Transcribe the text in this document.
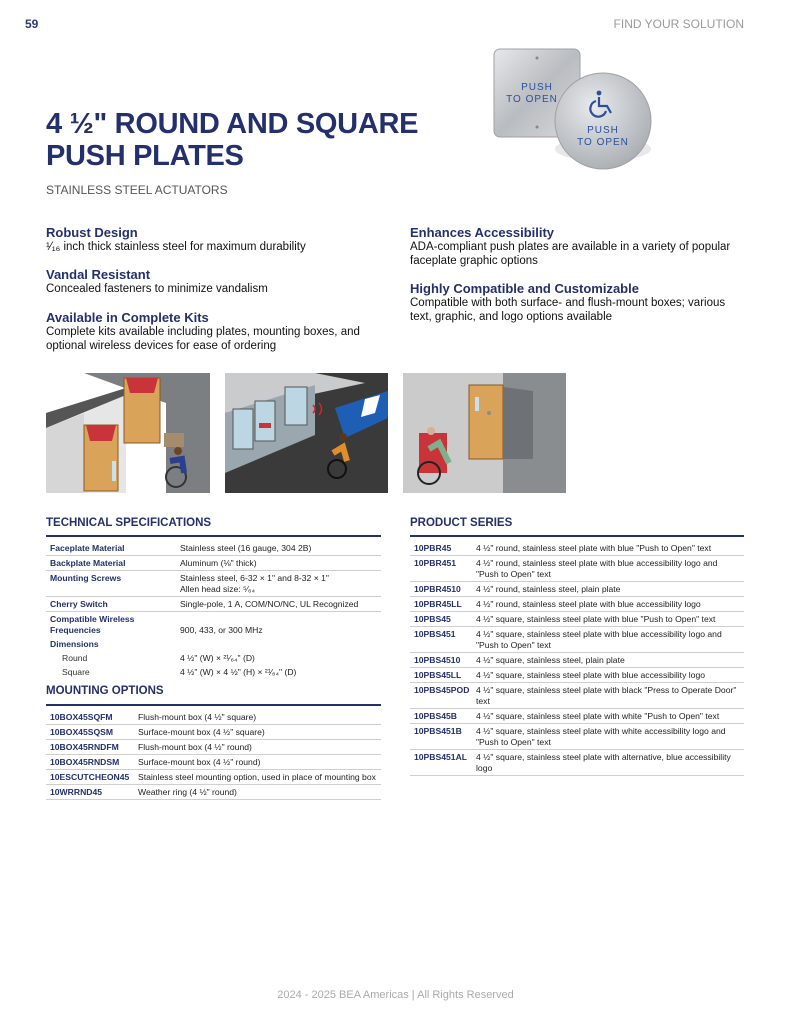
59	FIND YOUR SOLUTION
4 ½" ROUND AND SQUARE
PUSH PLATES
STAINLESS STEEL ACTUATORS
PUSH
TO OPEN
PUSH
TO OPEN
Robust Design
¹⁄₁₆ inch thick stainless steel for maximum durability
Vandal Resistant
Concealed fasteners to minimize vandalism
Available in Complete Kits
Complete kits available including plates, mounting boxes, and optional wireless devices for ease of ordering
Enhances Accessibility
ADA-compliant push plates are available in a variety of popular faceplate graphic options
Highly Compatible and Customizable
Compatible with both surface- and flush-mount boxes; various text, graphic, and logo options available
TECHNICAL SPECIFICATIONS
Faceplate Material	Stainless steel (16 gauge, 304 2B)
Backplate Material	Aluminum (⅛" thick)
Mounting Screws	Stainless steel, 6-32 × 1" and 8-32 × 1"
Allen head size: ⁵⁄₆₄

Cherry Switch	Single-pole, 1 A, COM/NO/NC, UL Recognized

Compatible Wireless
Frequencies	900, 433, or 300 MHz

Dimensions	
Round	4 ½" (W) × ²¹⁄₆₄" (D)
Square	4 ½" (W) × 4 ½" (H) × ²¹⁄₆₄" (D)
MOUNTING OPTIONS
10BOX45SQFM	Flush-mount box (4 ½" square)
10BOX45SQSM	Surface-mount box (4 ½" square)
10BOX45RNDFM	Flush-mount box (4 ½" round)
10BOX45RNDSM	Surface-mount box (4 ½" round)
10ESCUTCHEON45	Stainless steel mounting option, used in place of mounting box
10WRRND45	Weather ring (4 ½" round)
PRODUCT SERIES
10PBR45	4 ½" round, stainless steel plate with blue "Push to Open" text
10PBR451	4 ½" round, stainless steel plate with blue accessibility logo and
"Push to Open" text

10PBR4510	4 ½" round, stainless steel, plain plate
10PBR45LL	4 ½" round, stainless steel plate with blue accessibility logo
10PBS45	4 ½" square, stainless steel plate with blue "Push to Open" text
10PBS451	4 ½" square, stainless steel plate with blue accessibility logo and
"Push to Open" text

10PBS4510	4 ½" square, stainless steel, plain plate
10PBS45LL	4 ½" square, stainless steel plate with blue accessibility logo
10PBS45POD	4 ½" square, stainless steel plate with black "Press to Operate Door" text
10PBS45B	4 ½" square, stainless steel plate with white "Push to Open" text
10PBS451B	4 ½" square, stainless steel plate with white accessibility logo and
"Push to Open" text

10PBS451AL	4 ½" square, stainless steel plate with alternative, blue accessibility logo
2024 - 2025 BEA Americas | All Rights Reserved
